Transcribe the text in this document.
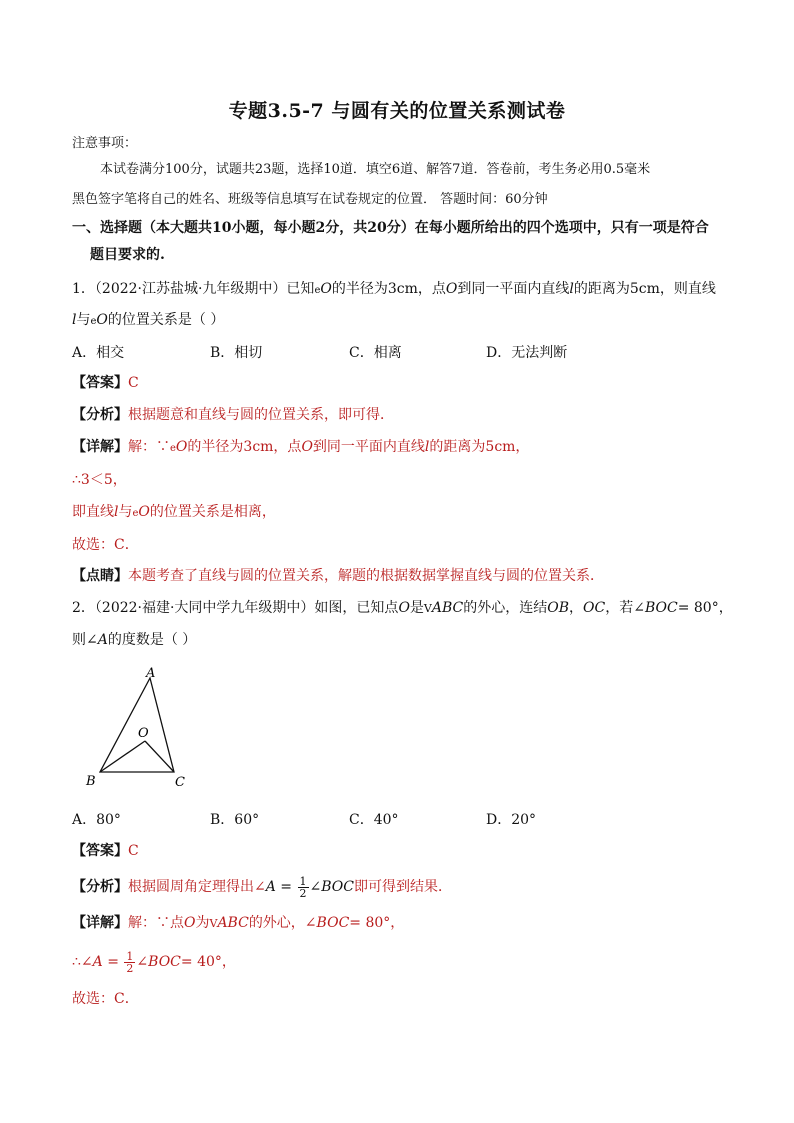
专题3.5-7 与圆有关的位置关系测试卷
注意事项：
本试卷满分100分，试题共23题，选择10道．填空6道、解答7道．答卷前，考生务必用0.5毫米
黑色签字笔将自己的姓名、班级等信息填写在试卷规定的位置． 答题时间：60分钟
一、选择题（本大题共10小题，每小题2分，共20分）在每小题所给出的四个选项中，只有一项是符合
题目要求的.
1．（2022·江苏盐城·九年级期中）已知eO的半径为3cm，点O到同一平面内直线l的距离为5cm，则直线
l与eO的位置关系是（ ）
A．相交	B．相切	C．相离	D．无法判断
【答案】C
【分析】根据题意和直线与圆的位置关系，即可得．
【详解】解：∵eO的半径为3cm，点O到同一平面内直线l的距离为5cm，
∴3＜5，
即直线l与eO的位置关系是相离，
故选：C．
【点睛】本题考查了直线与圆的位置关系，解题的根据数据掌握直线与圆的位置关系．
2．（2022·福建·大同中学九年级期中）如图，已知点O是VABC的外心，连结OB，OC，若∠BOC= 80°，
则∠A的度数是（ ）
A
O
B	C
A．80°	B．60°	C．40°	D．20°
【答案】C
【分析】根据圆周角定理得出∠A = $\frac{1}{2}$ ∠BOC即可得到结果．
【详解】解：∵点O为VABC的外心，∠BOC= 80°，
∴∠A = $\frac{1}{2}$ ∠BOC= 40°，
故选：C．
